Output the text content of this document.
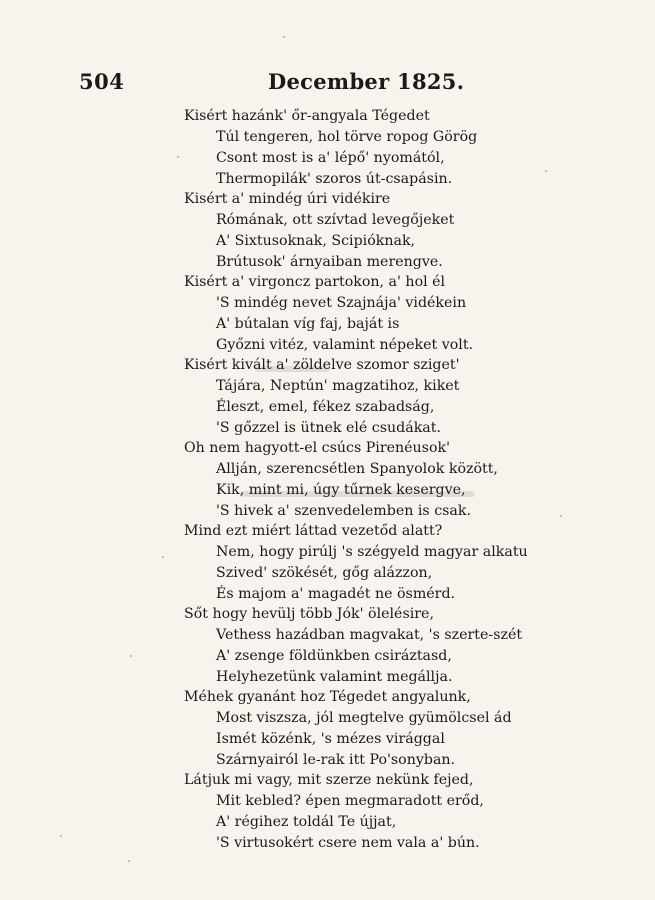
504	December 1825.
Kisért hazánk' őr-angyala Tégedet
Túl tengeren, hol törve ropog Görög
Csont most is a' lépő' nyomától,
Thermopilák' szoros út-csapásin.
Kisért a' mindég úri vidékire
Rómának, ott szívtad levegőjeket
A' Sixtusoknak, Scipióknak,
Brútusok' árnyaiban merengve.
Kisért a' virgoncz partokon, a' hol él
'S mindég nevet Szajnája' vidékein
A' bútalan víg faj, baját is
Győzni vitéz, valamint népeket volt.
Kisért kivált a' zöldelve szomor sziget'
Tájára, Neptún' magzatihoz, kiket
Éleszt, emel, fékez szabadság,
'S gőzzel is ütnek elé csudákat.
Oh nem hagyott-el csúcs Pirenéusok'
Allján, szerencsétlen Spanyolok között,
Kik, mint mi, úgy tűrnek kesergve,
'S hivek a' szenvedelemben is csak.
Mind ezt miért láttad vezetőd alatt?
Nem, hogy pirúlj 's szégyeld magyar alkatu
Szived' szökését, gőg alázzon,
És majom a' magadét ne ösmérd.
Sőt hogy hevülj több Jók' ölelésire,
Vethess hazádban magvakat, 's szerte-szét
A' zsenge földünkben csiráztasd,
Helyhezetünk valamint megállja.
Méhek gyanánt hoz Tégedet angyalunk,
Most viszsza, jól megtelve gyümölcsel ád
Ismét közénk, 's mézes virággal
Szárnyairól le-rak itt Po'sonyban.
Látjuk mi vagy, mit szerze nekünk fejed,
Mit kebled? épen megmaradott erőd,
A' régihez toldál Te újjat,
'S virtusokért csere nem vala a' bún.
